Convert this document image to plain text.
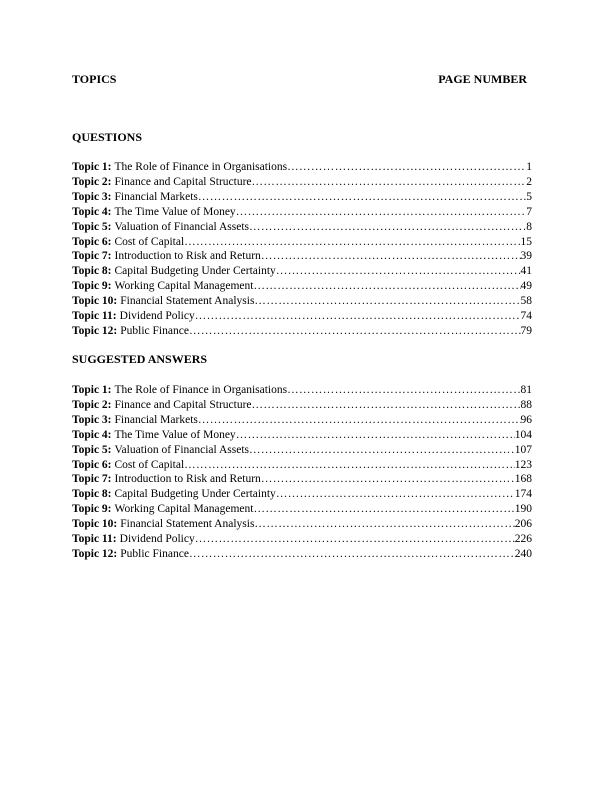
TOPICS	PAGE NUMBER
QUESTIONS
Topic 1: The Role of Finance in Organisations ……………………………………………………………………………………………………………………………………………………………………	1
Topic 2: Finance and Capital Structure ……………………………………………………………………………………………………………………………………………………………………	2
Topic 3: Financial Markets ……………………………………………………………………………………………………………………………………………………………………	5
Topic 4: The Time Value of Money ……………………………………………………………………………………………………………………………………………………………………	7
Topic 5: Valuation of Financial Assets ……………………………………………………………………………………………………………………………………………………………………	8
Topic 6: Cost of Capital ……………………………………………………………………………………………………………………………………………………………………	15
Topic 7: Introduction to Risk and Return ……………………………………………………………………………………………………………………………………………………………………	39
Topic 8: Capital Budgeting Under Certainty ……………………………………………………………………………………………………………………………………………………………………	41
Topic 9: Working Capital Management ……………………………………………………………………………………………………………………………………………………………………	49
Topic 10: Financial Statement Analysis ……………………………………………………………………………………………………………………………………………………………………	58
Topic 11: Dividend Policy ……………………………………………………………………………………………………………………………………………………………………	74
Topic 12: Public Finance ……………………………………………………………………………………………………………………………………………………………………	79
SUGGESTED ANSWERS
Topic 1: The Role of Finance in Organisations ……………………………………………………………………………………………………………………………………………………………………	81
Topic 2: Finance and Capital Structure ……………………………………………………………………………………………………………………………………………………………………	88
Topic 3: Financial Markets ……………………………………………………………………………………………………………………………………………………………………	96
Topic 4: The Time Value of Money ……………………………………………………………………………………………………………………………………………………………………	104
Topic 5: Valuation of Financial Assets ……………………………………………………………………………………………………………………………………………………………………	107
Topic 6: Cost of Capital ……………………………………………………………………………………………………………………………………………………………………	123
Topic 7: Introduction to Risk and Return ……………………………………………………………………………………………………………………………………………………………………	168
Topic 8: Capital Budgeting Under Certainty ……………………………………………………………………………………………………………………………………………………………………	174
Topic 9: Working Capital Management ……………………………………………………………………………………………………………………………………………………………………	190
Topic 10: Financial Statement Analysis ……………………………………………………………………………………………………………………………………………………………………	206
Topic 11: Dividend Policy ……………………………………………………………………………………………………………………………………………………………………	226
Topic 12: Public Finance ……………………………………………………………………………………………………………………………………………………………………	240
